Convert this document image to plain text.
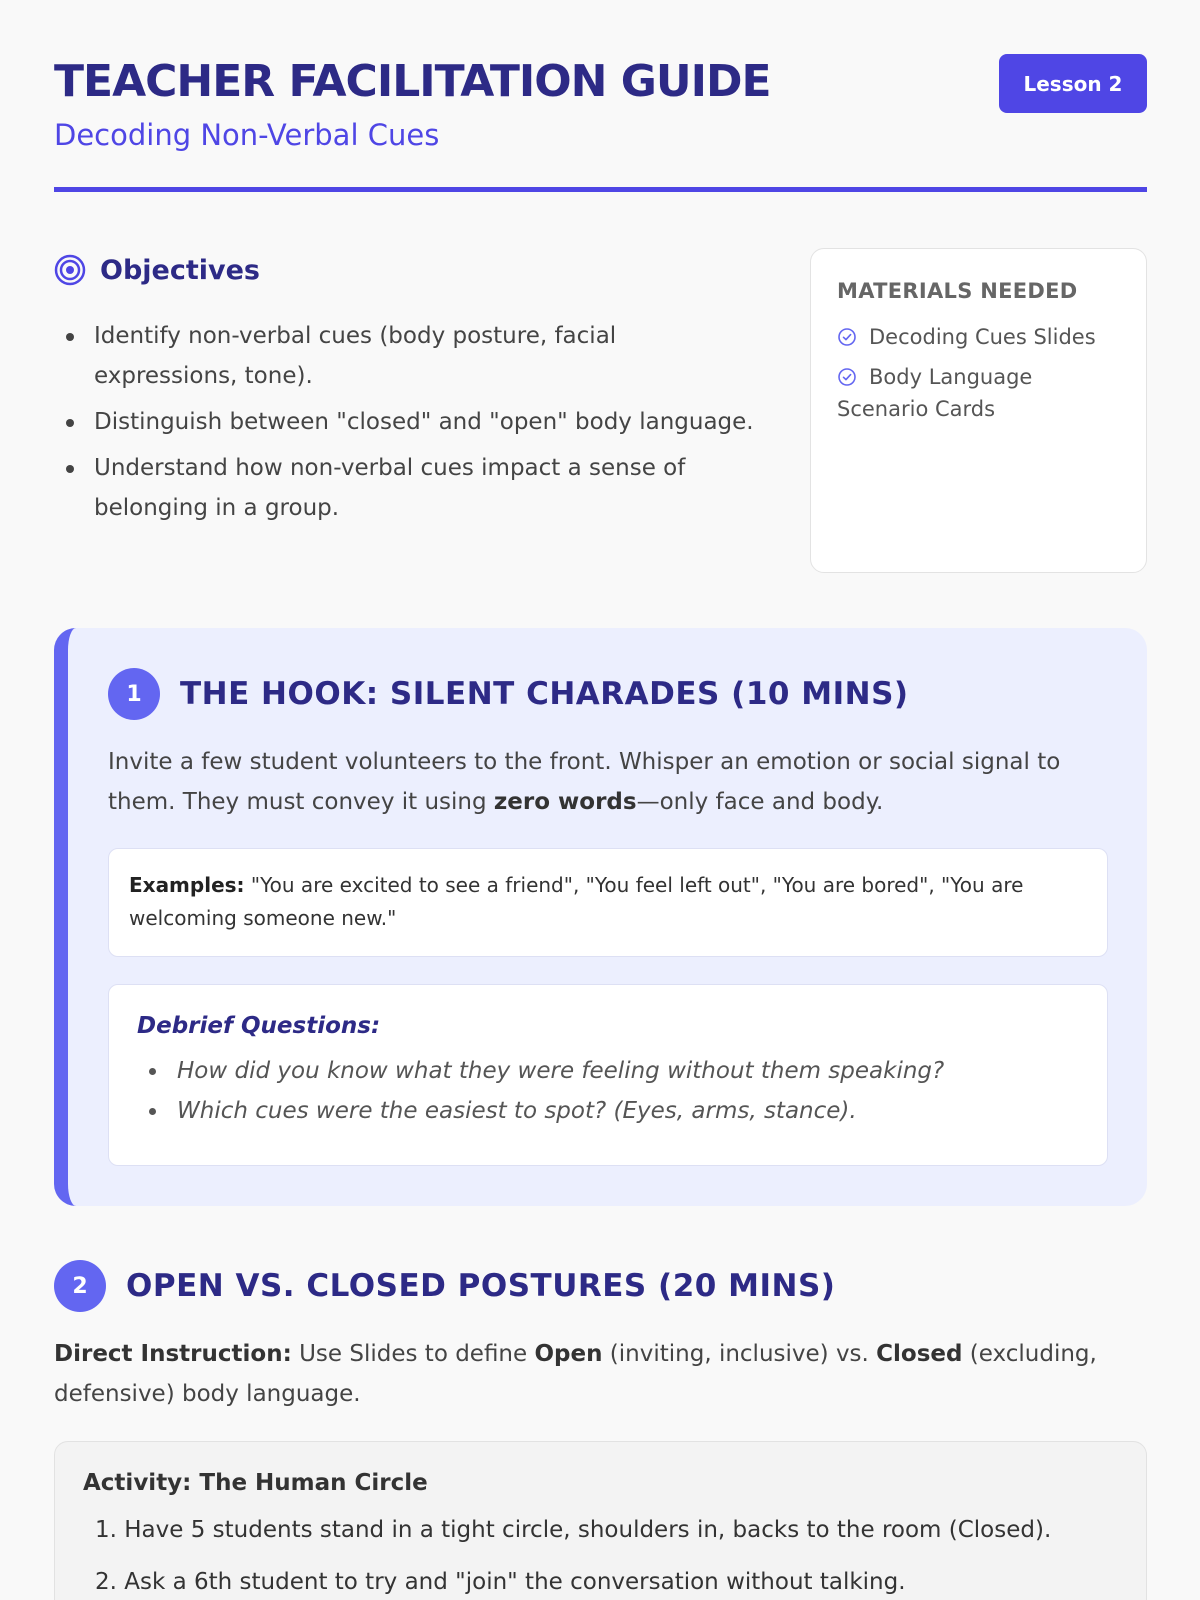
TEACHER FACILITATION GUIDE
Decoding Non-Verbal Cues
Lesson 2
Objectives
Identify non-verbal cues (body posture, facial expressions, tone).
Distinguish between "closed" and "open" body language.
Understand how non-verbal cues impact a sense of belonging in a group.
MATERIALS NEEDED
Decoding Cues Slides
Body Language Scenario Cards
1	THE HOOK: SILENT CHARADES (10 MINS)
Invite a few student volunteers to the front. Whisper an emotion or social signal to them. They must convey it using zero words—only face and body.
Examples: "You are excited to see a friend", "You feel left out", "You are bored", "You are welcoming someone new."
Debrief Questions:
How did you know what they were feeling without them speaking?
Which cues were the easiest to spot? (Eyes, arms, stance).
2	OPEN VS. CLOSED POSTURES (20 MINS)
Direct Instruction: Use Slides to define Open (inviting, inclusive) vs. Closed (excluding, defensive) body language.
Activity: The Human Circle
1. Have 5 students stand in a tight circle, shoulders in, backs to the room (Closed).
2. Ask a 6th student to try and "join" the conversation without talking.
